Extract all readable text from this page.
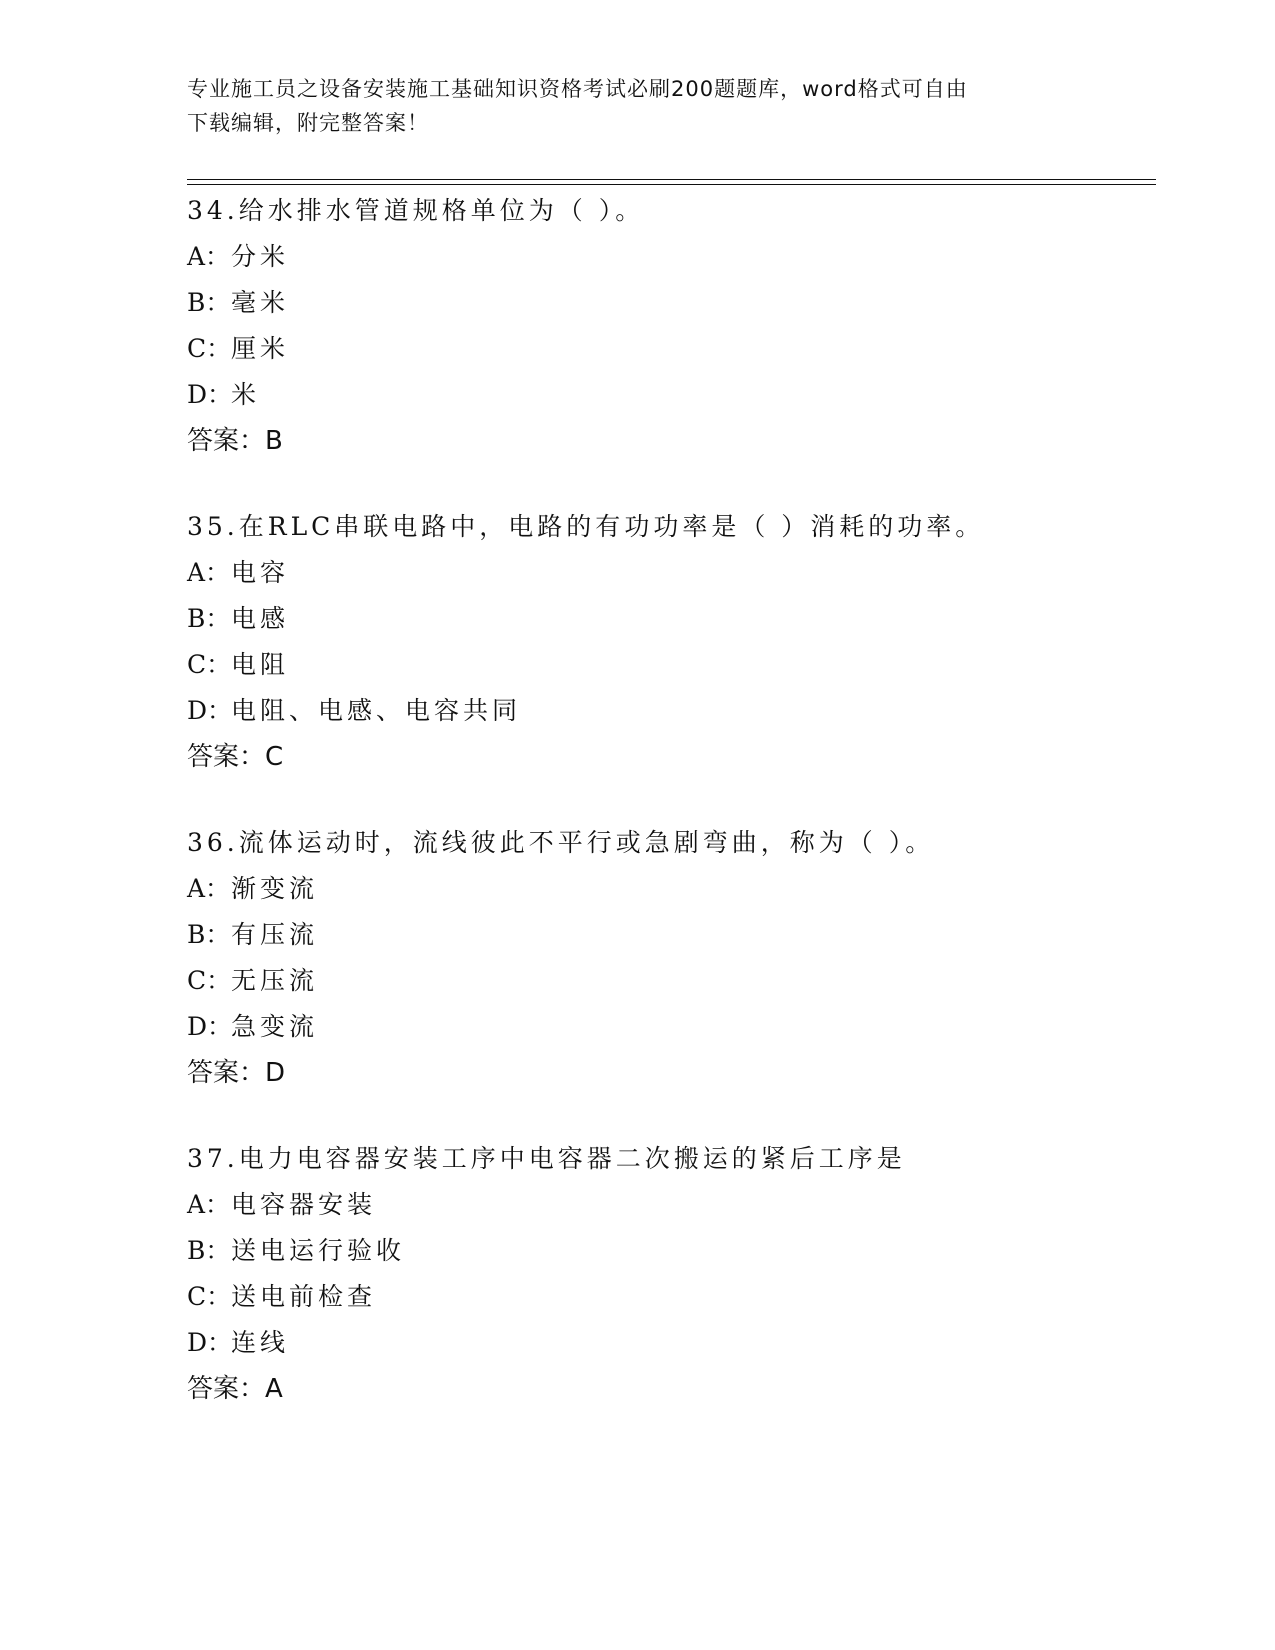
专业施工员之设备安装施工基础知识资格考试必刷200题题库，word格式可自由
下载编辑，附完整答案！
34.给水排水管道规格单位为（ ）。
A：分米
B：毫米
C：厘米
D：米
答案：B
35.在RLC串联电路中，电路的有功功率是（ ）消耗的功率。
A：电容
B：电感
C：电阻
D：电阻、电感、电容共同
答案：C
36.流体运动时，流线彼此不平行或急剧弯曲，称为（ ）。
A：渐变流
B：有压流
C：无压流
D：急变流
答案：D
37.电力电容器安装工序中电容器二次搬运的紧后工序是
A：电容器安装
B：送电运行验收
C：送电前检查
D：连线
答案：A
